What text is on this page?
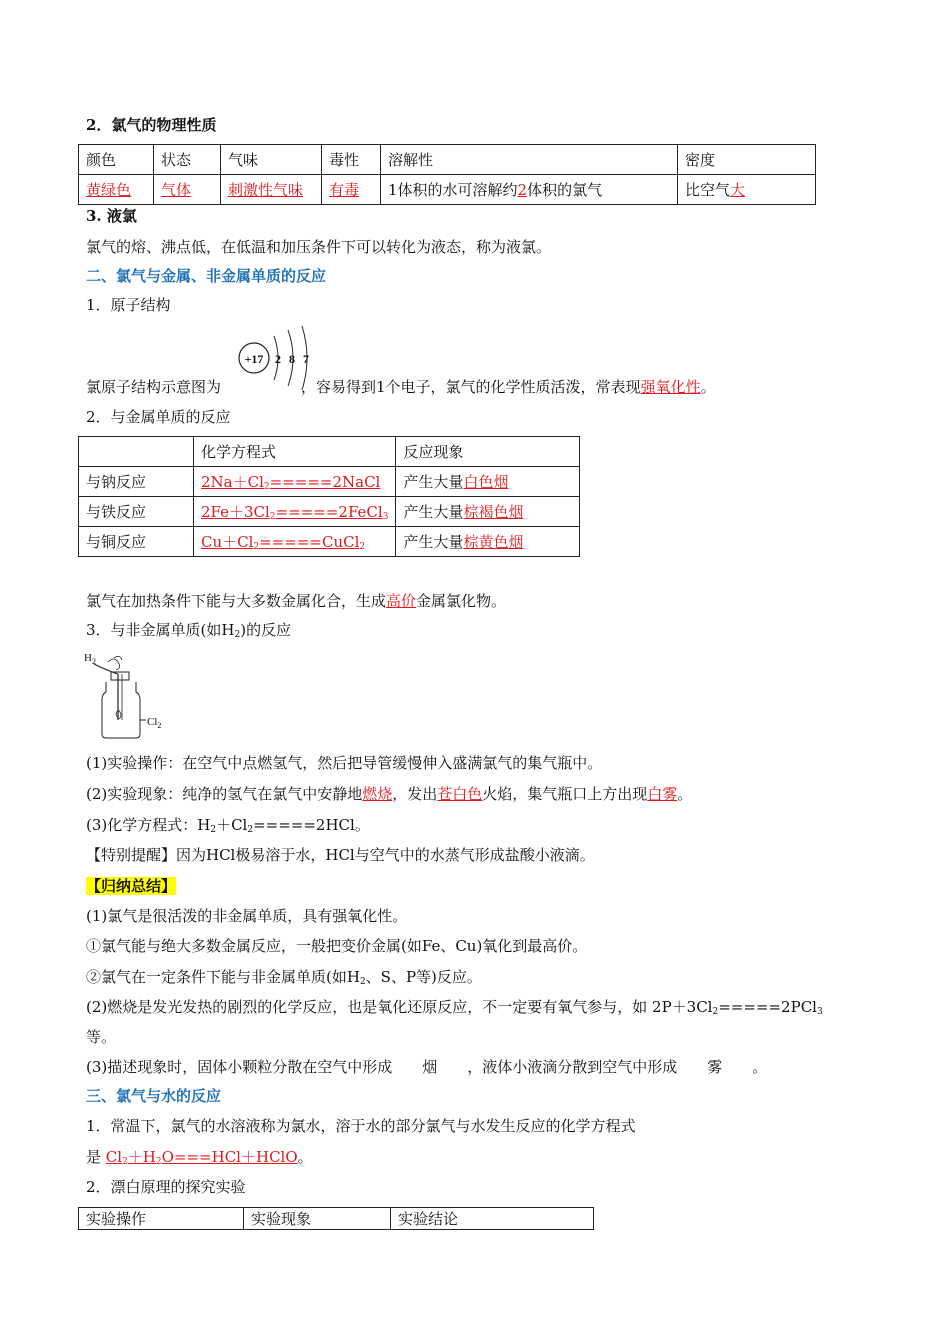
2．氯气的物理性质
颜色	状态	气味	毒性	溶解性	密度
黄绿色	气体	刺激性气味	有毒	1体积的水可溶解约2体积的氯气	比空气大
3. 液氯
氯气的熔、沸点低，在低温和加压条件下可以转化为液态，称为液氯。
二、氯气与金属、非金属单质的反应
1．原子结构
+17 2 8 7
氯原子结构示意图为	，容易得到1个电子，氯气的化学性质活泼，常表现强氧化性。
2．与金属单质的反应
	化学方程式	反应现象
与钠反应	$2Na+Cl_2=====2NaCl$	产生大量白色烟
与铁反应	$2Fe+3Cl_2=====2FeCl_3$	产生大量棕褐色烟
与铜反应	$Cu+Cl_2=====CuCl_2$	产生大量棕黄色烟
氯气在加热条件下能与大多数金属化合，生成高价金属氯化物。
3．与非金属单质(如$H_2$)的反应
$H_2$
$Cl_2$
(1)实验操作：在空气中点燃氢气，然后把导管缓慢伸入盛满氯气的集气瓶中。
(2)实验现象：纯净的氢气在氯气中安静地燃烧，发出苍白色火焰，集气瓶口上方出现白雾。
(3)化学方程式：$H_2+Cl_2=====2HCl$。
【特别提醒】因为HCl极易溶于水，HCl与空气中的水蒸气形成盐酸小液滴。
【归纳总结】
(1)氯气是很活泼的非金属单质，具有强氧化性。
①氯气能与绝大多数金属反应，一般把变价金属(如Fe、Cu)氧化到最高价。
②氯气在一定条件下能与非金属单质(如$H_2$、S、P等)反应。
(2)燃烧是发光发热的剧烈的化学反应，也是氧化还原反应，不一定要有氧气参与，如 $2P+3Cl_2=====2PCl_3$
等。
(3)描述现象时，固体小颗粒分散在空气中形成 烟 ，液体小液滴分散到空气中形成 雾 。
三、氯气与水的反应
1．常温下，氯气的水溶液称为氯水，溶于水的部分氯气与水发生反应的化学方程式
是 $Cl_2+H_2O===HCl+HClO$。
2．漂白原理的探究实验
实验操作	实验现象	实验结论
